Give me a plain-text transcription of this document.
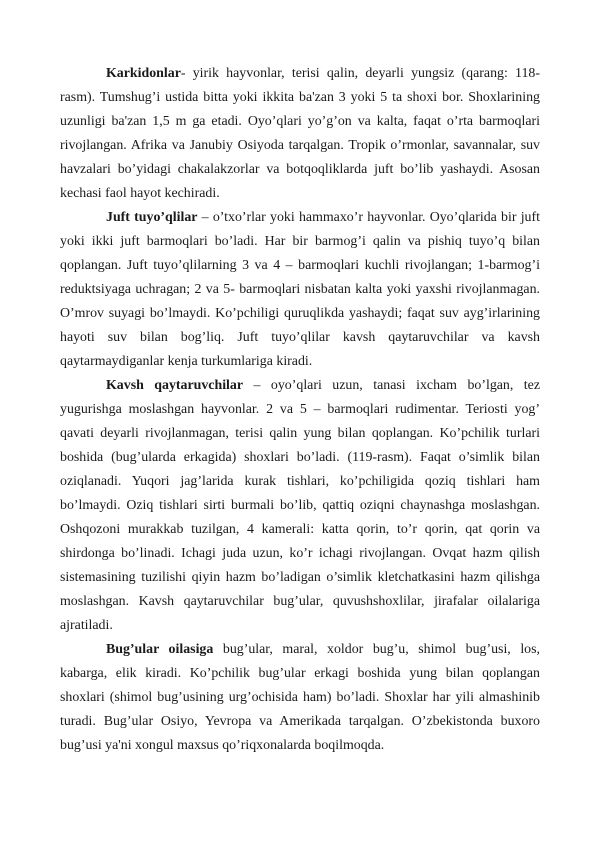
Karkidonlar- yirik hayvonlar, terisi qalin, deyarli yungsiz (qarang: 118-rasm). Tumshug’i ustida bitta yoki ikkita ba'zan 3 yoki 5 ta shoxi bor. Shoxlarining uzunligi ba'zan 1,5 m ga etadi. Oyo’qlari yo’g’on va kalta, faqat o’rta barmoqlari rivojlangan. Afrika va Janubiy Osiyoda tarqalgan. Tropik o’rmonlar, savannalar, suv havzalari bo’yidagi chakalakzorlar va botqoqliklarda juft bo’lib yashaydi. Asosan kechasi faol hayot kechiradi.

Juft tuyo’qlilar – o’txo’rlar yoki hammaxo’r hayvonlar. Oyo’qlarida bir juft yoki ikki juft barmoqlari bo’ladi. Har bir barmog’i qalin va pishiq tuyo’q bilan qoplangan. Juft tuyo’qlilarning 3 va 4 – barmoqlari kuchli rivojlangan; 1-barmog’i reduktsiyaga uchragan; 2 va 5- barmoqlari nisbatan kalta yoki yaxshi rivojlanmagan. O’mrov suyagi bo’lmaydi. Ko’pchiligi quruqlikda yashaydi; faqat suv ayg’irlarining hayoti suv bilan bog’liq. Juft tuyo’qlilar kavsh qaytaruvchilar va kavsh qaytarmaydiganlar kenja turkumlariga kiradi.

Kavsh qaytaruvchilar – oyo’qlari uzun, tanasi ixcham bo’lgan, tez yugurishga moslashgan hayvonlar. 2 va 5 – barmoqlari rudimentar. Teriosti yog’ qavati deyarli rivojlanmagan, terisi qalin yung bilan qoplangan. Ko’pchilik turlari boshida (bug’ularda erkagida) shoxlari bo’ladi. (119-rasm). Faqat o’simlik bilan oziqlanadi. Yuqori jag’larida kurak tishlari, ko’pchiligida qoziq tishlari ham bo’lmaydi. Oziq tishlari sirti burmali bo’lib, qattiq oziqni chaynashga moslashgan. Oshqozoni murakkab tuzilgan, 4 kamerali: katta qorin, to’r qorin, qat qorin va shirdonga bo’linadi. Ichagi juda uzun, ko’r ichagi rivojlangan. Ovqat hazm qilish sistemasining tuzilishi qiyin hazm bo’ladigan o’simlik kletchatkasini hazm qilishga moslashgan. Kavsh qaytaruvchilar bug’ular, quvushshoxlilar, jirafalar oilalariga ajratiladi.

Bug’ular oilasiga bug’ular, maral, xoldor bug’u, shimol bug’usi, los, kabarga, elik kiradi. Ko’pchilik bug’ular erkagi boshida yung bilan qoplangan shoxlari (shimol bug’usining urg’ochisida ham) bo’ladi. Shoxlar har yili almashinib turadi. Bug’ular Osiyo, Yevropa va Amerikada tarqalgan. O’zbekistonda buxoro bug’usi ya'ni xongul maxsus qo’riqxonalarda boqilmoqda.
